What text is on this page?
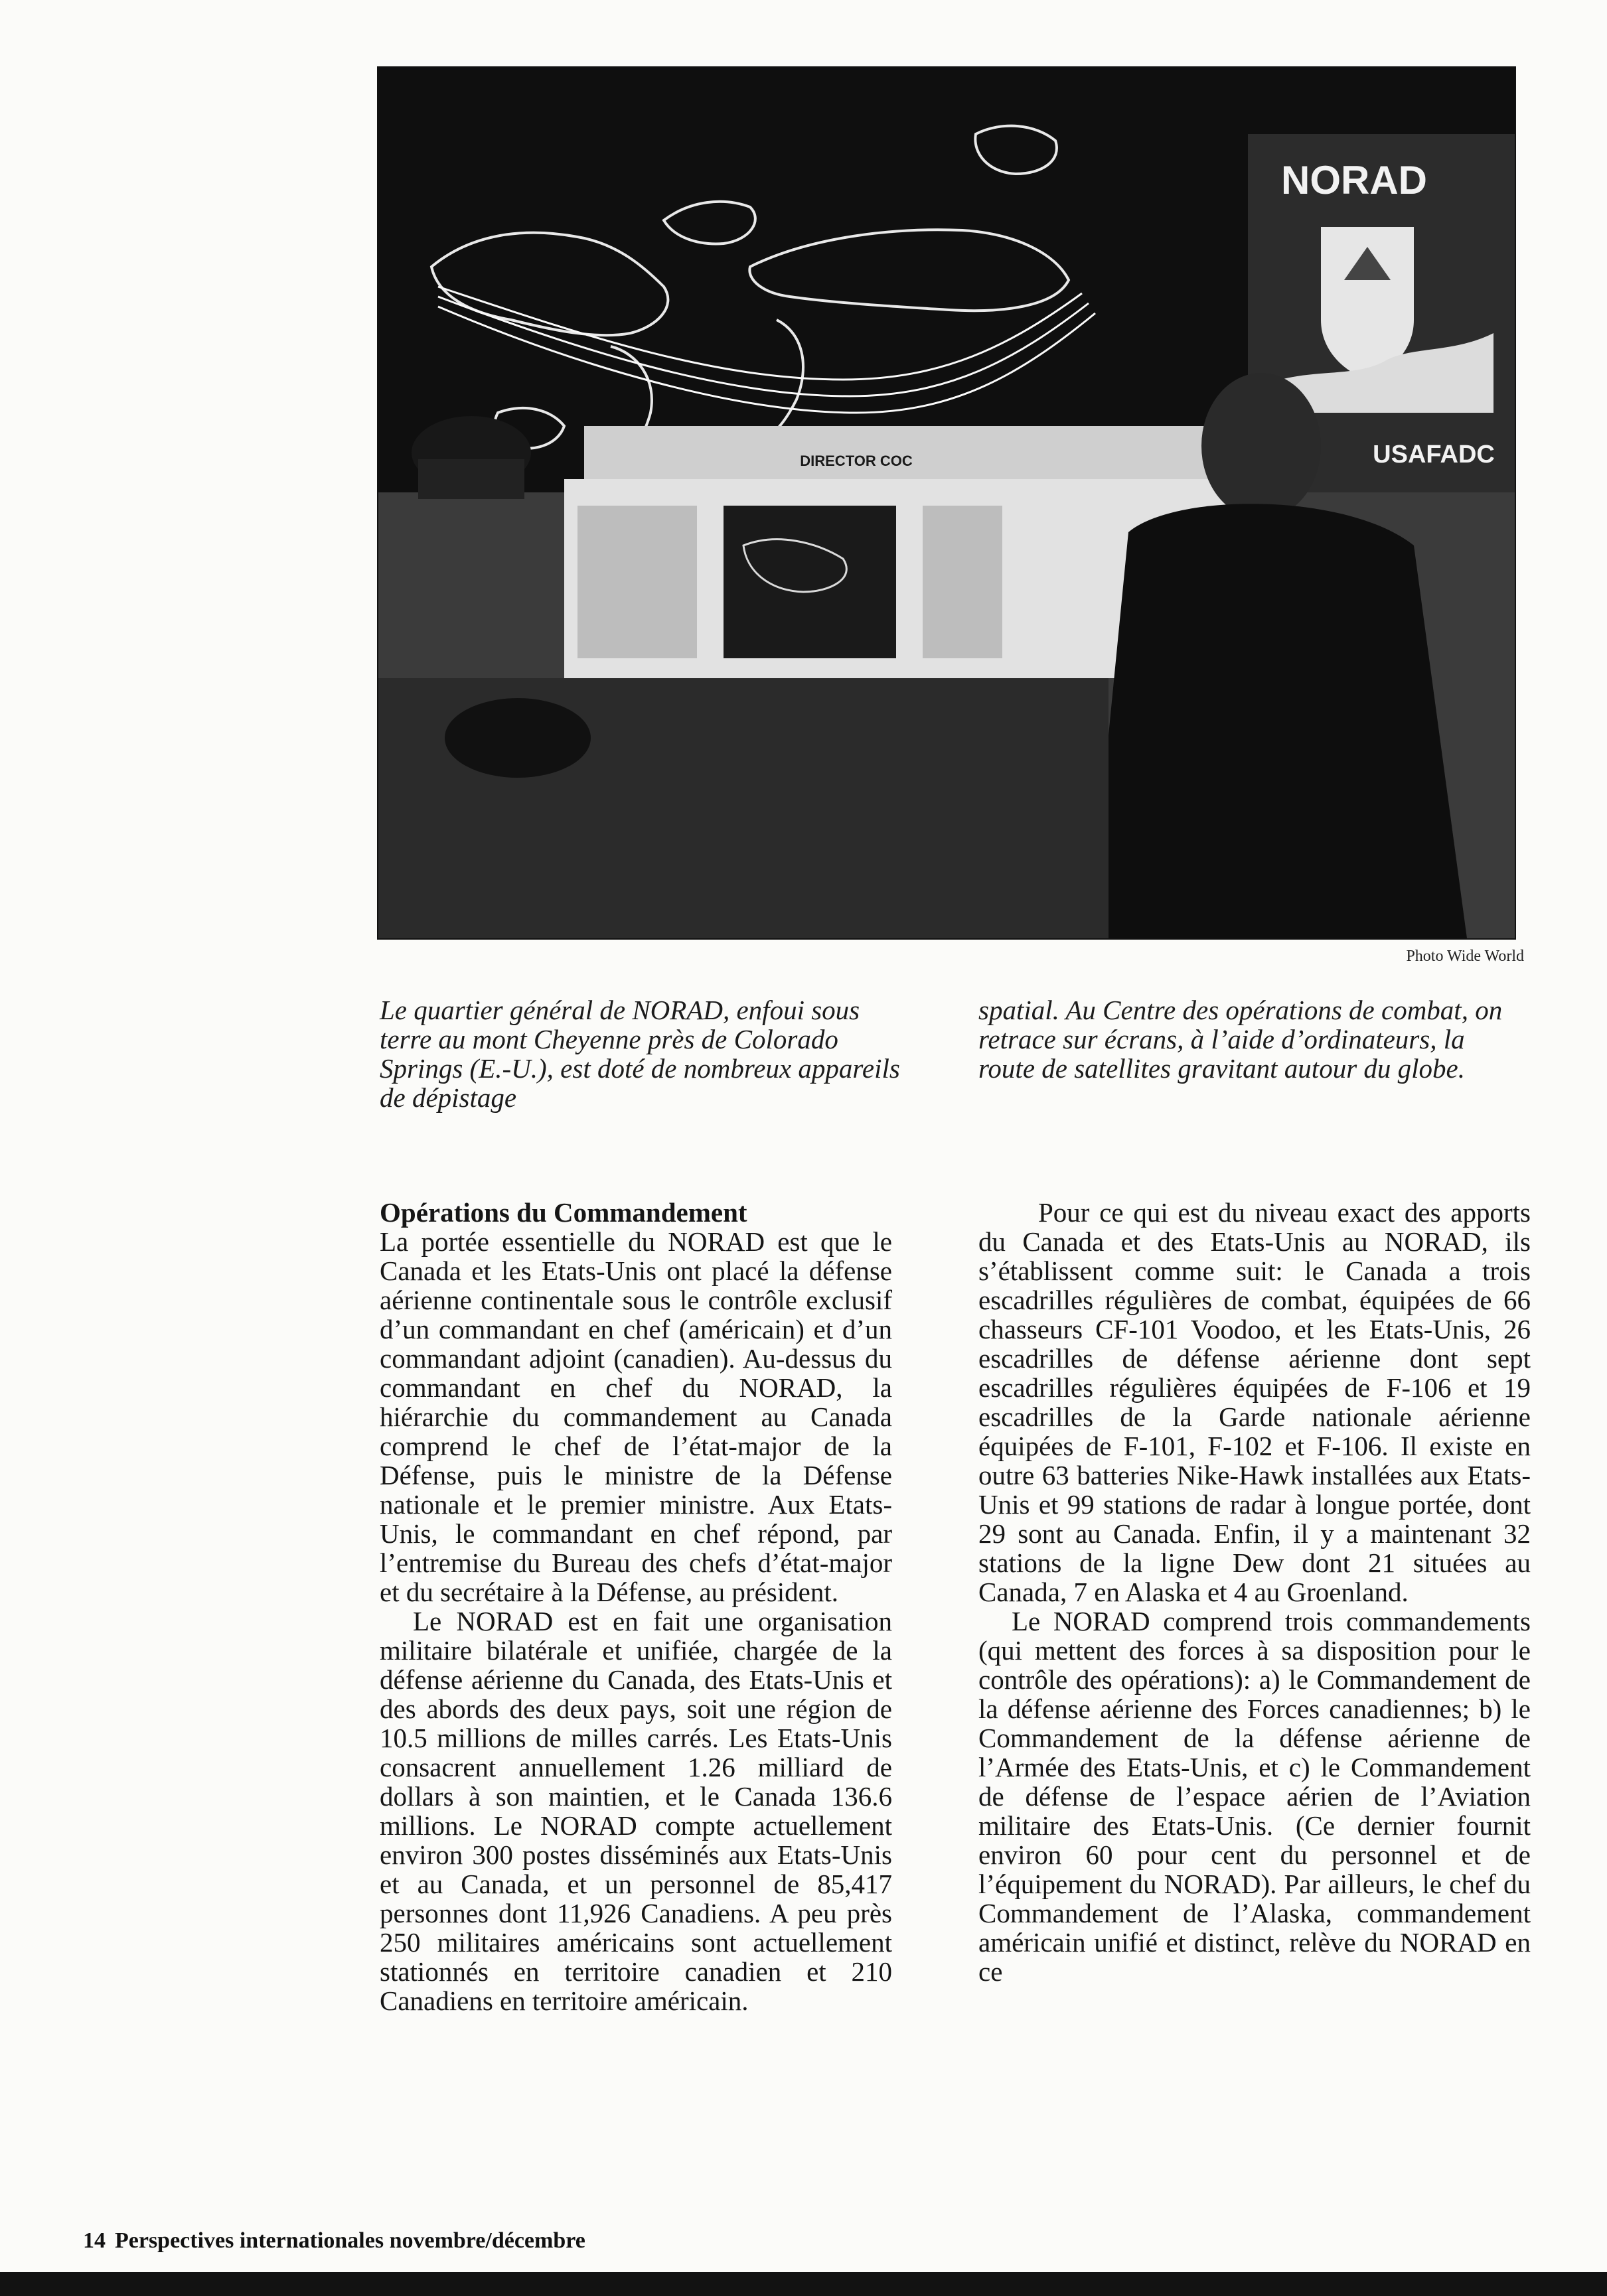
NORAD
USAFADC
DIRECTOR COC
Photo Wide World
Le quartier général de NORAD, enfoui sous terre au mont Cheyenne près de Colorado Springs (E.-U.), est doté de nombreux appareils de dépistage
spatial. Au Centre des opérations de combat, on retrace sur écrans, à l’aide d’ordinateurs, la route de satellites gravitant autour du globe.
Opérations du Commandement

La portée essentielle du NORAD est que le Canada et les Etats-Unis ont placé la défense aérienne continentale sous le contrôle exclusif d’un commandant en chef (américain) et d’un commandant adjoint (canadien). Au-dessus du commandant en chef du NORAD, la hiérarchie du commandement au Canada comprend le chef de l’état-major de la Défense, puis le ministre de la Défense nationale et le premier ministre. Aux Etats-Unis, le commandant en chef répond, par l’entremise du Bureau des chefs d’état-major et du secrétaire à la Défense, au président.

Le NORAD est en fait une organisation militaire bilatérale et unifiée, chargée de la défense aérienne du Canada, des Etats-Unis et des abords des deux pays, soit une région de 10.5 millions de milles carrés. Les Etats-Unis consacrent annuellement 1.26 milliard de dollars à son maintien, et le Canada 136.6 millions. Le NORAD compte actuellement environ 300 postes disséminés aux Etats-Unis et au Canada, et un personnel de 85,417 personnes dont 11,926 Canadiens. A peu près 250 militaires américains sont actuellement stationnés en territoire canadien et 210 Canadiens en territoire américain.

Pour ce qui est du niveau exact des apports du Canada et des Etats-Unis au NORAD, ils s’établissent comme suit: le Canada a trois escadrilles régulières de combat, équipées de 66 chasseurs CF-101 Voodoo, et les Etats-Unis, 26 escadrilles de défense aérienne dont sept escadrilles régulières équipées de F-106 et 19 escadrilles de la Garde nationale aérienne équipées de F-101, F-102 et F-106. Il existe en outre 63 batteries Nike-Hawk installées aux Etats-Unis et 99 stations de radar à longue portée, dont 29 sont au Canada. Enfin, il y a maintenant 32 stations de la ligne Dew dont 21 situées au Canada, 7 en Alaska et 4 au Groenland.

Le NORAD comprend trois commandements (qui mettent des forces à sa disposition pour le contrôle des opérations): a) le Commandement de la défense aérienne des Forces canadiennes; b) le Commandement de la défense aérienne de l’Armée des Etats-Unis, et c) le Commandement de défense de l’espace aérien de l’Aviation militaire des Etats-Unis. (Ce dernier fournit environ 60 pour cent du personnel et de l’équipement du NORAD). Par ailleurs, le chef du Commandement de l’Alaska, commandement américain unifié et distinct, relève du NORAD en ce

14 Perspectives internationales novembre/décembre
